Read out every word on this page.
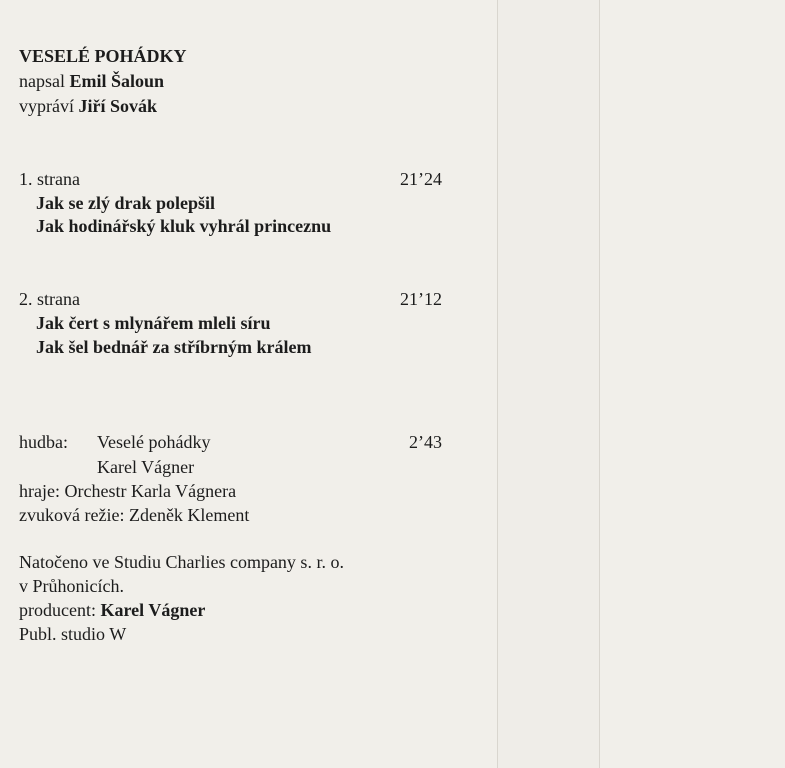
VESELÉ POHÁDKY
napsal Emil Šaloun
vypráví Jiří Sovák
1. strana	21’24
Jak se zlý drak polepšil
Jak hodinářský kluk vyhrál princeznu
2. strana	21’12
Jak čert s mlynářem mleli síru
Jak šel bednář za stříbrným králem
hudba: Veselé pohádky	2’43
Karel Vágner
hraje: Orchestr Karla Vágnera
zvuková režie: Zdeněk Klement
Natočeno ve Studiu Charlies company s. r. o.
v Průhonicích.
producent: Karel Vágner
Publ. studio W
